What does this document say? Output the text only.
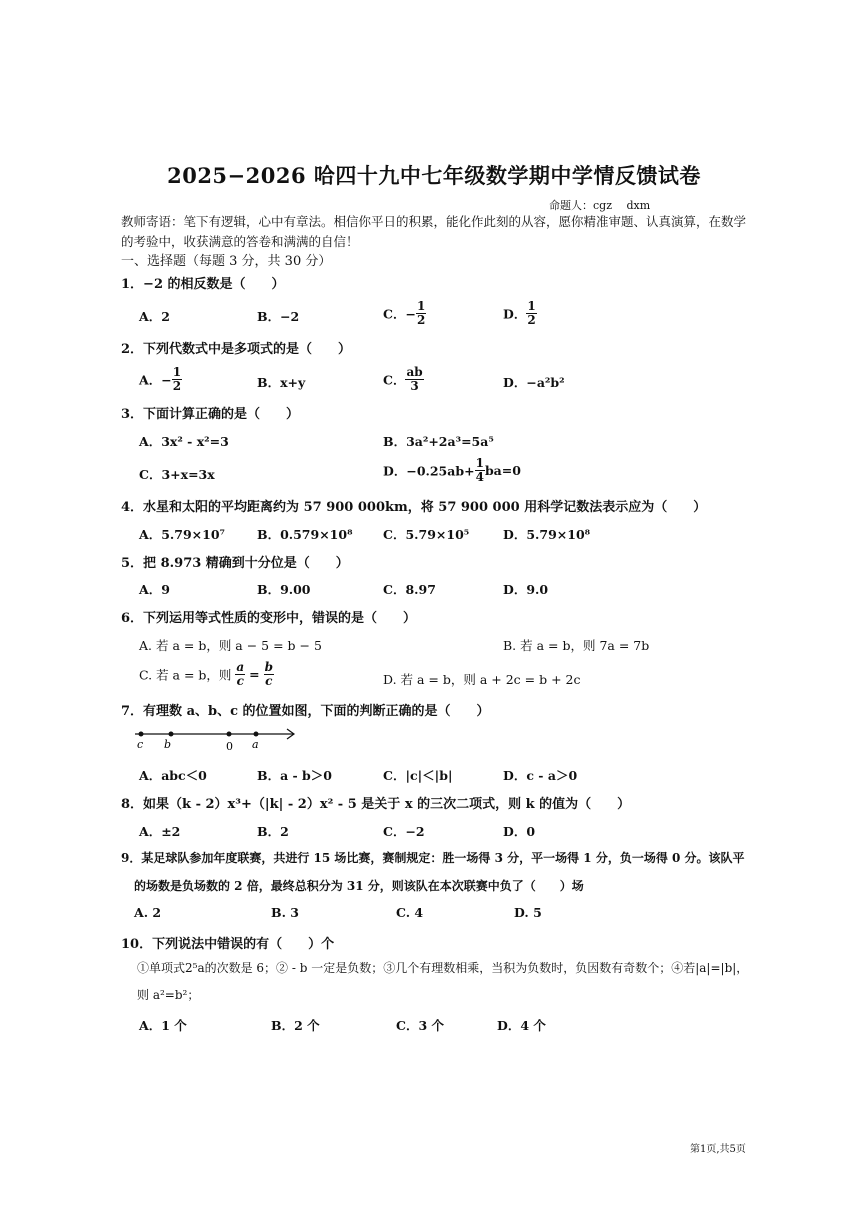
2025−2026 哈四十九中七年级数学期中学情反馈试卷
命题人：cgz　 dxm
教师寄语：笔下有逻辑，心中有章法。相信你平日的积累，能化作此刻的从容，愿你精准审题、认真演算，在数学的考验中，收获满意的答卷和满满的自信！
一、选择题（每题 3 分，共 30 分）
1．−2 的相反数是（　　）
A．2	B．−2	C．− $\frac{1}{2}$	D． $\frac{1}{2}$
2．下列代数式中是多项式的是（　　）
A．− $\frac{1}{2}$	B．x+y	C． $\frac{ab}{3}$	D．−a²b²
3．下面计算正确的是（　　）
A．3x² - x²=3	B．3a²+2a³=5a⁵
C．3+x=3x	D．$-0.25ab+ \frac{1}{4} ba=0$
4．水星和太阳的平均距离约为 57 900 000km，将 57 900 000 用科学记数法表示应为（　　）
A．5.79×10⁷	B．0.579×10⁸ C．5.79×10⁵	D．5.79×10⁸
5．把 8.973 精确到十分位是（　　）
A．9	B．9.00	C．8.97	D．9.0
6．下列运用等式性质的变形中，错误的是（　　）
A. 若 a = b，则 a − 5 = b − 5	B. 若 a = b，则 7a = 7b
C. 若 a = b，则 $\frac{a}{c} = \frac{b}{c}$	D. 若 a = b，则 a + 2c = b + 2c
7．有理数 a、b、c 的位置如图，下面的判断正确的是（　　）
c b	0 a
A．abc＜0	B．a - b＞0	C．|c|＜|b|	D．c - a＞0
8．如果（k - 2）x³+（|k| - 2）x² - 5 是关于 x 的三次二项式，则 k 的值为（　　）
A．±2	B．2	C．−2	D．0
9．某足球队参加年度联赛，共进行 15 场比赛，赛制规定：胜一场得 3 分，平一场得 1 分，负一场得 0 分。该队平
的场数是负场数的 2 倍，最终总积分为 31 分，则该队在本次联赛中负了（　　）场
A. 2	B. 3	C. 4	D. 5
10．下列说法中错误的有（　　）个
①单项式2⁵a的次数是 6；② - b 一定是负数；③几个有理数相乘，当积为负数时，负因数有奇数个；④若|a|=|b|，则 a²=b²；
A．1 个	B．2 个	C．3 个	D．4 个
第1页,共5页
